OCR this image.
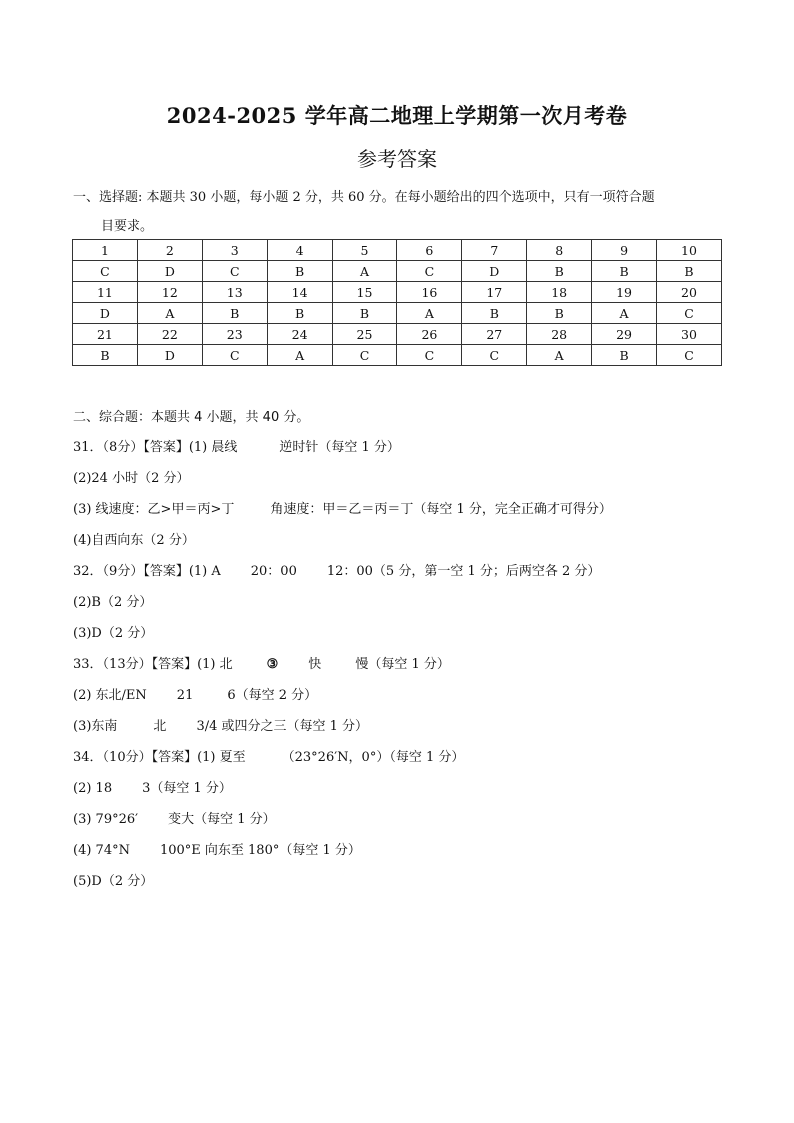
2024-2025 学年高二地理上学期第一次月考卷
参考答案
一、选择题: 本题共 30 小题，每小题 2 分，共 60 分。在每小题给出的四个选项中，只有一项符合题
目要求。
1	2	3	4	5	6	7	8	9	10
C	D	C	B	A	C	D	B	B	B
11	12	13	14	15	16	17	18	19	20
D	A	B	B	B	A	B	B	A	C
21	22	23	24	25	26	27	28	29	30
B	D	C	A	C	C	C	A	B	C
二、综合题：本题共 4 小题，共 40 分。
31．（8分）【答案】(1) 晨线	逆时针（每空 1 分）
(2)24 小时（2 分）
(3) 线速度：乙>甲＝丙>丁	角速度：甲＝乙＝丙＝丁（每空 1 分，完全正确才可得分）
(4)自西向东（2 分）
32．（9分）【答案】(1) A 20：00 12：00（5 分，第一空 1 分；后两空各 2 分）
(2)B（2 分）
(3)D（2 分）
33．（13分）【答案】(1) 北	③ 快	慢（每空 1 分）
(2) 东北/EN 21	6（每空 2 分）
(3)东南	北 3/4 或四分之三（每空 1 分）
34．（10分）【答案】(1) 夏至	（23°26′N，0°）（每空 1 分）
(2) 18 3（每空 1 分）
(3) 79°26′ 变大（每空 1 分）
(4) 74°N 100°E 向东至 180°（每空 1 分）
(5)D（2 分）
